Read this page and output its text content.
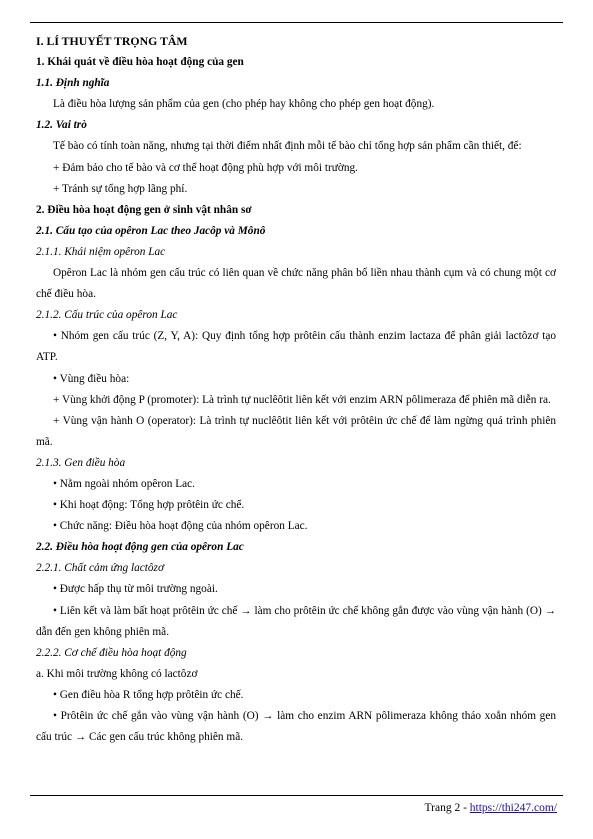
I. LÍ THUYẾT TRỌNG TÂM
1. Khái quát về điều hòa hoạt động của gen
1.1. Định nghĩa
Là điều hòa lượng sản phẩm của gen (cho phép hay không cho phép gen hoạt động).
1.2. Vai trò
Tế bào có tính toàn năng, nhưng tại thời điểm nhất định mỗi tế bào chỉ tổng hợp sản phẩm cần thiết, để:
+ Đảm bảo cho tế bào và cơ thể hoạt động phù hợp với môi trường.
+ Tránh sự tổng hợp lãng phí.
2. Điều hòa hoạt động gen ở sinh vật nhân sơ
2.1. Cấu tạo của opêron Lac theo Jacôp và Mônô
2.1.1. Khái niệm opêron Lac
Opêron Lac là nhóm gen cấu trúc có liên quan về chức năng phân bố liền nhau thành cụm và có chung một cơ chế điều hòa.
2.1.2. Cấu trúc của opêron Lac
• Nhóm gen cấu trúc (Z, Y, A): Quy định tổng hợp prôtêin cấu thành enzim lactaza để phân giải lactôzơ tạo ATP.
• Vùng điều hòa:
+ Vùng khởi động P (promoter): Là trình tự nuclêôtit liên kết với enzim ARN pôlimeraza để phiên mã diễn ra.
+ Vùng vận hành O (operator): Là trình tự nuclêôtit liên kết với prôtêin ức chế để làm ngừng quá trình phiên mã.
2.1.3. Gen điều hòa
• Nằm ngoài nhóm opêron Lac.
• Khi hoạt động: Tổng hợp prôtêin ức chế.
• Chức năng: Điều hòa hoạt động của nhóm opêron Lac.
2.2. Điều hòa hoạt động gen của opêron Lac
2.2.1. Chất cảm ứng lactôzơ
• Được hấp thụ từ môi trường ngoài.
• Liên kết và làm bất hoạt prôtêin ức chế → làm cho prôtêin ức chế không gắn được vào vùng vận hành (O) → dẫn đến gen không phiên mã.
2.2.2. Cơ chế điều hòa hoạt động
a. Khi môi trường không có lactôzơ
• Gen điều hòa R tổng hợp prôtêin ức chế.
• Prôtêin ức chế gắn vào vùng vận hành (O) → làm cho enzim ARN pôlimeraza không tháo xoắn nhóm gen cấu trúc → Các gen cấu trúc không phiên mã.
Trang 2 - https://thi247.com/
